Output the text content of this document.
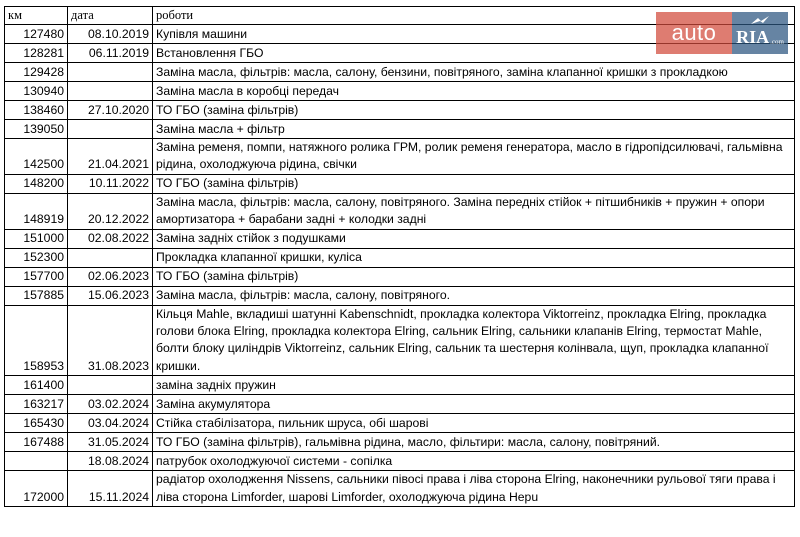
км	дата	роботи
127480	08.10.2019	Купівля машини
128281	06.11.2019	Встановлення ГБО
129428		Заміна масла, фільтрів: масла, салону, бензини, повітряного, заміна клапанної кришки з прокладкою
130940		Заміна масла в коробці передач
138460	27.10.2020	ТО ГБО (заміна фільтрів)
139050		Заміна масла + фільтр
142500	21.04.2021	Заміна ременя, помпи, натяжного ролика ГРМ, ролик ременя генератора, масло в гідропідсилювачі, гальмівна рідина, охолоджуюча рідина, свічки
148200	10.11.2022	ТО ГБО (заміна фільтрів)
148919	20.12.2022	Заміна масла, фільтрів: масла, салону, повітряного. Заміна передніх стійок + пітшибників + пружин + опори амортизатора + барабани задні + колодки задні
151000	02.08.2022	Заміна задніх стійок з подушками
152300		Прокладка клапанної кришки, куліса
157700	02.06.2023	ТО ГБО (заміна фільтрів)
157885	15.06.2023	Заміна масла, фільтрів: масла, салону, повітряного.
158953	31.08.2023	Кільця Mahle, вкладиші шатунні Kabenschnidt, прокладка колектора Viktorreinz, прокладка Elring, прокладка голови блока Elring, прокладка колектора Elring, сальник Elring, сальники клапанів Elring, термостат Mahle, болти блоку циліндрів Viktorreinz, сальник Elring, сальник та шестерня колінвала, щуп, прокладка клапанної кришки.
161400		заміна задніх пружин
163217	03.02.2024	Заміна акумулятора
165430	03.04.2024	Стійка стабілізатора, пильник шруса, обі шарові
167488	31.05.2024	ТО ГБО (заміна фільтрів), гальмівна рідина, масло, фільтири: масла, салону, повітряний.
	18.08.2024	патрубок охолоджуючої системи - сопілка
172000	15.11.2024	радіатор охолодження Nissens, сальники півосі права і ліва сторона Elring, наконечники рульової тяги права і ліва сторона Limforder, шарові Limforder, охолоджуюча рідина Hepu
auto	RIA .com
